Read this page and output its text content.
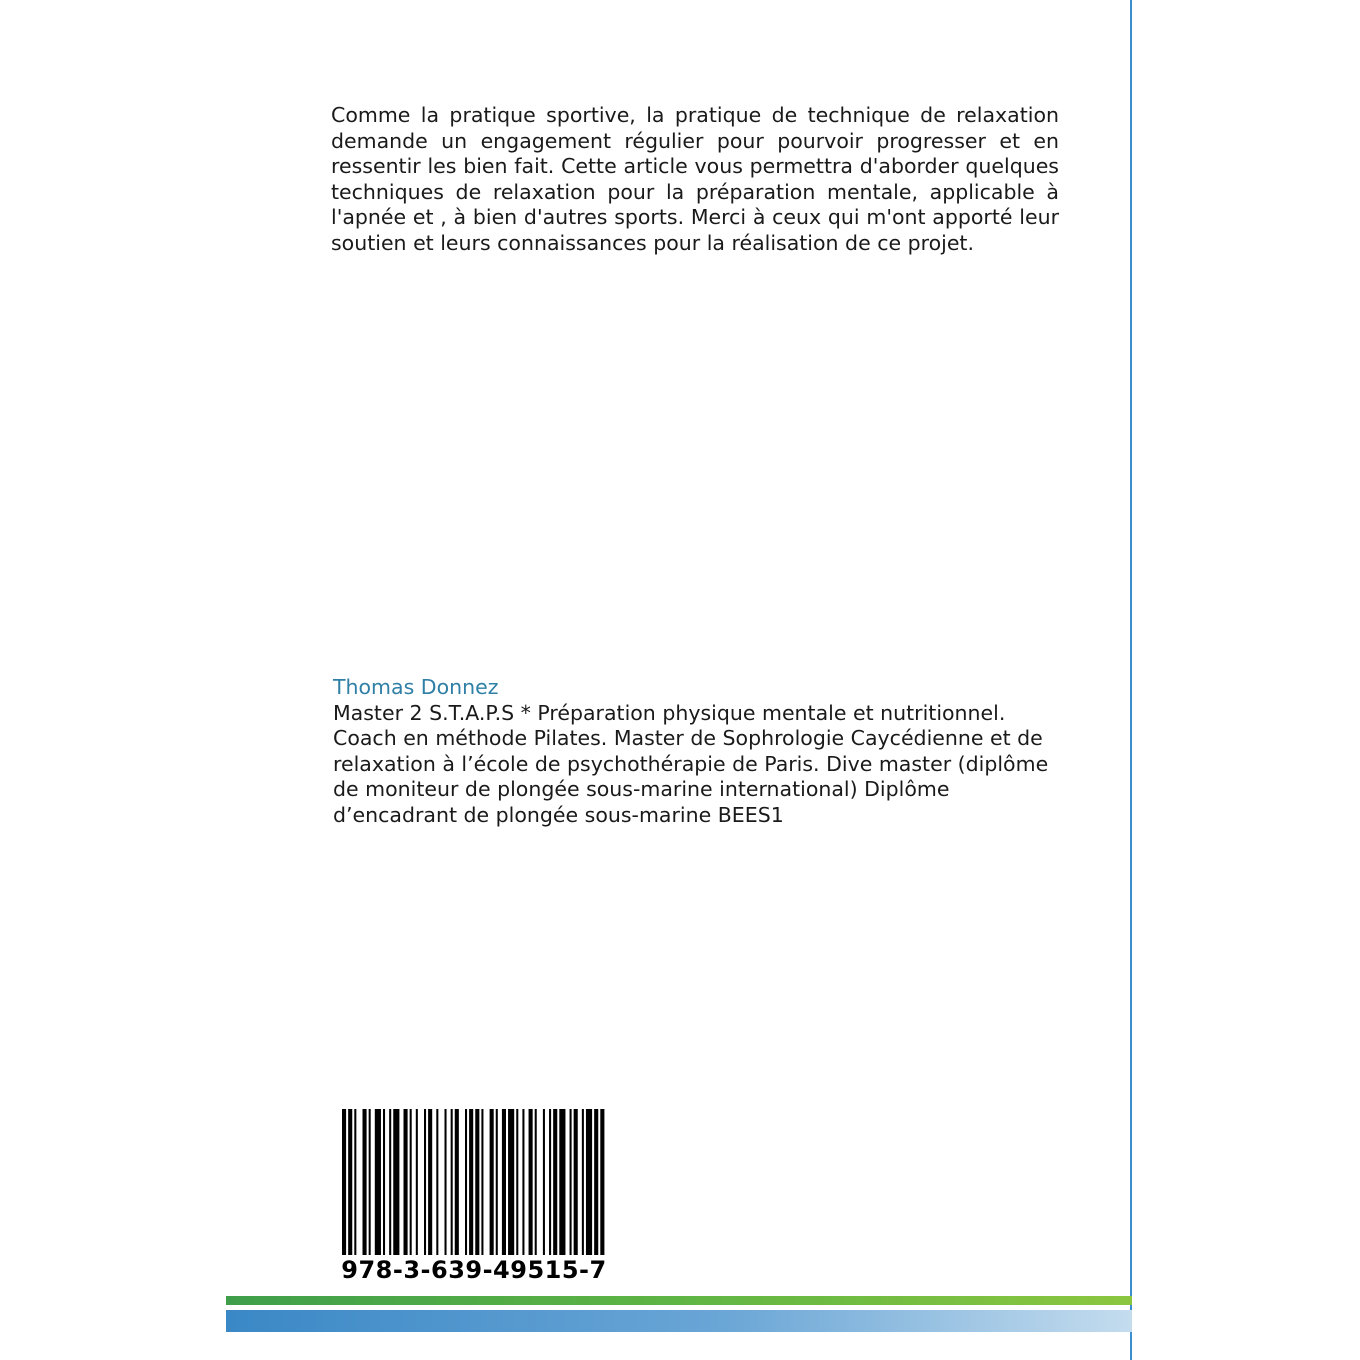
Comme la pratique sportive, la pratique de technique de relaxation demande un engagement régulier pour pourvoir progresser et en ressentir les bien fait. Cette article vous permettra d'aborder quelques techniques de relaxation pour la préparation mentale, applicable à l'apnée et , à bien d'autres sports. Merci à ceux qui m'ont apporté leur soutien et leurs connaissances pour la réalisation de ce projet.

Thomas Donnez

Master 2 S.T.A.P.S * Préparation physique mentale et nutritionnel.
Coach en méthode Pilates. Master de Sophrologie Caycédienne et de
relaxation à l’école de psychothérapie de Paris. Dive master (diplôme
de moniteur de plongée sous-marine international) Diplôme
d’encadrant de plongée sous-marine BEES1

978-3-639-49515-7
